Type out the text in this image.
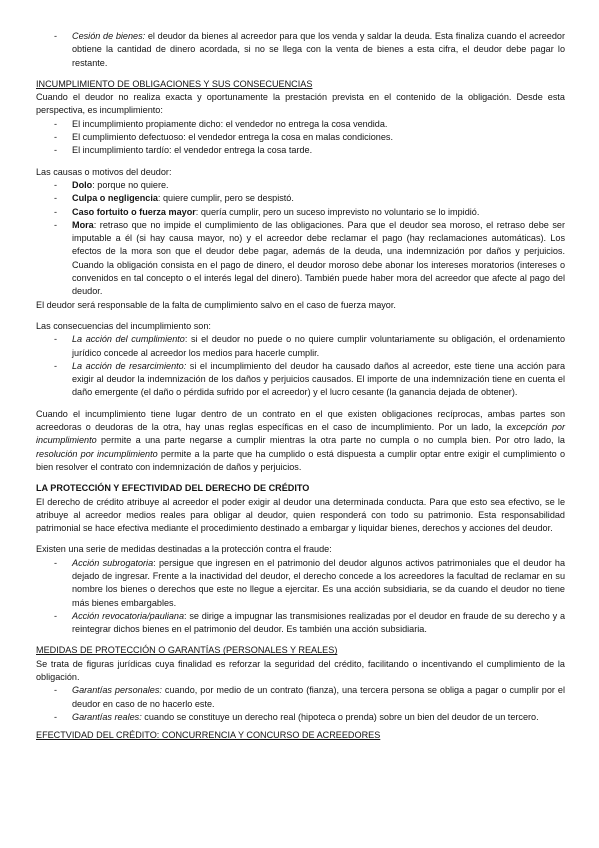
- Cesión de bienes: el deudor da bienes al acreedor para que los venda y saldar la deuda. Esta finaliza cuando el acreedor obtiene la cantidad de dinero acordada, si no se llega con la venta de bienes a esta cifra, el deudor debe pagar lo restante.

INCUMPLIMIENTO DE OBLIGACIONES Y SUS CONSECUENCIAS

Cuando el deudor no realiza exacta y oportunamente la prestación prevista en el contenido de la obligación. Desde esta perspectiva, es incumplimiento:

- El incumplimiento propiamente dicho: el vendedor no entrega la cosa vendida.
- El cumplimiento defectuoso: el vendedor entrega la cosa en malas condiciones.
- El incumplimiento tardío: el vendedor entrega la cosa tarde.

Las causas o motivos del deudor:

- Dolo: porque no quiere.
- Culpa o negligencia: quiere cumplir, pero se despistó.
- Caso fortuito o fuerza mayor: quería cumplir, pero un suceso imprevisto no voluntario se lo impidió.
- Mora: retraso que no impide el cumplimiento de las obligaciones. Para que el deudor sea moroso, el retraso debe ser imputable a él (si hay causa mayor, no) y el acreedor debe reclamar el pago (hay reclamaciones automáticas). Los efectos de la mora son que el deudor debe pagar, además de la deuda, una indemnización por daños y perjuicios. Cuando la obligación consista en el pago de dinero, el deudor moroso debe abonar los intereses moratorios (intereses o convenidos en tal concepto o el interés legal del dinero). También puede haber mora del acreedor que afecte al pago del deudor.

El deudor será responsable de la falta de cumplimiento salvo en el caso de fuerza mayor.

Las consecuencias del incumplimiento son:

- La acción del cumplimiento: si el deudor no puede o no quiere cumplir voluntariamente su obligación, el ordenamiento jurídico concede al acreedor los medios para hacerle cumplir.
- La acción de resarcimiento: si el incumplimiento del deudor ha causado daños al acreedor, este tiene una acción para exigir al deudor la indemnización de los daños y perjuicios causados. El importe de una indemnización tiene en cuenta el daño emergente (el daño o pérdida sufrido por el acreedor) y el lucro cesante (la ganancia dejada de obtener).

Cuando el incumplimiento tiene lugar dentro de un contrato en el que existen obligaciones recíprocas, ambas partes son acreedoras o deudoras de la otra, hay unas reglas específicas en el caso de incumplimiento. Por un lado, la excepción por incumplimiento permite a una parte negarse a cumplir mientras la otra parte no cumpla o no cumpla bien. Por otro lado, la resolución por incumplimiento permite a la parte que ha cumplido o está dispuesta a cumplir optar entre exigir el cumplimiento o bien resolver el contrato con indemnización de daños y perjuicios.

LA PROTECCIÓN Y EFECTIVIDAD DEL DERECHO DE CRÉDITO

El derecho de crédito atribuye al acreedor el poder exigir al deudor una determinada conducta. Para que esto sea efectivo, se le atribuye al acreedor medios reales para obligar al deudor, quien responderá con todo su patrimonio. Esta responsabilidad patrimonial se hace efectiva mediante el procedimiento destinado a embargar y liquidar bienes, derechos y acciones del deudor.

Existen una serie de medidas destinadas a la protección contra el fraude:

- Acción subrogatoria: persigue que ingresen en el patrimonio del deudor algunos activos patrimoniales que el deudor ha dejado de ingresar. Frente a la inactividad del deudor, el derecho concede a los acreedores la facultad de reclamar en su nombre los bienes o derechos que este no llegue a ejercitar. Es una acción subsidiaria, se da cuando el deudor no tiene más bienes embargables.
- Acción revocatoria/pauliana: se dirige a impugnar las transmisiones realizadas por el deudor en fraude de su derecho y a reintegrar dichos bienes en el patrimonio del deudor. Es también una acción subsidiaria.

MEDIDAS DE PROTECCIÓN O GARANTÍAS (PERSONALES Y REALES)

Se trata de figuras jurídicas cuya finalidad es reforzar la seguridad del crédito, facilitando o incentivando el cumplimiento de la obligación.

- Garantías personales: cuando, por medio de un contrato (fianza), una tercera persona se obliga a pagar o cumplir por el deudor en caso de no hacerlo este.
- Garantías reales: cuando se constituye un derecho real (hipoteca o prenda) sobre un bien del deudor de un tercero.

EFECTVIDAD DEL CRÉDITO: CONCURRENCIA Y CONCURSO DE ACREEDORES
